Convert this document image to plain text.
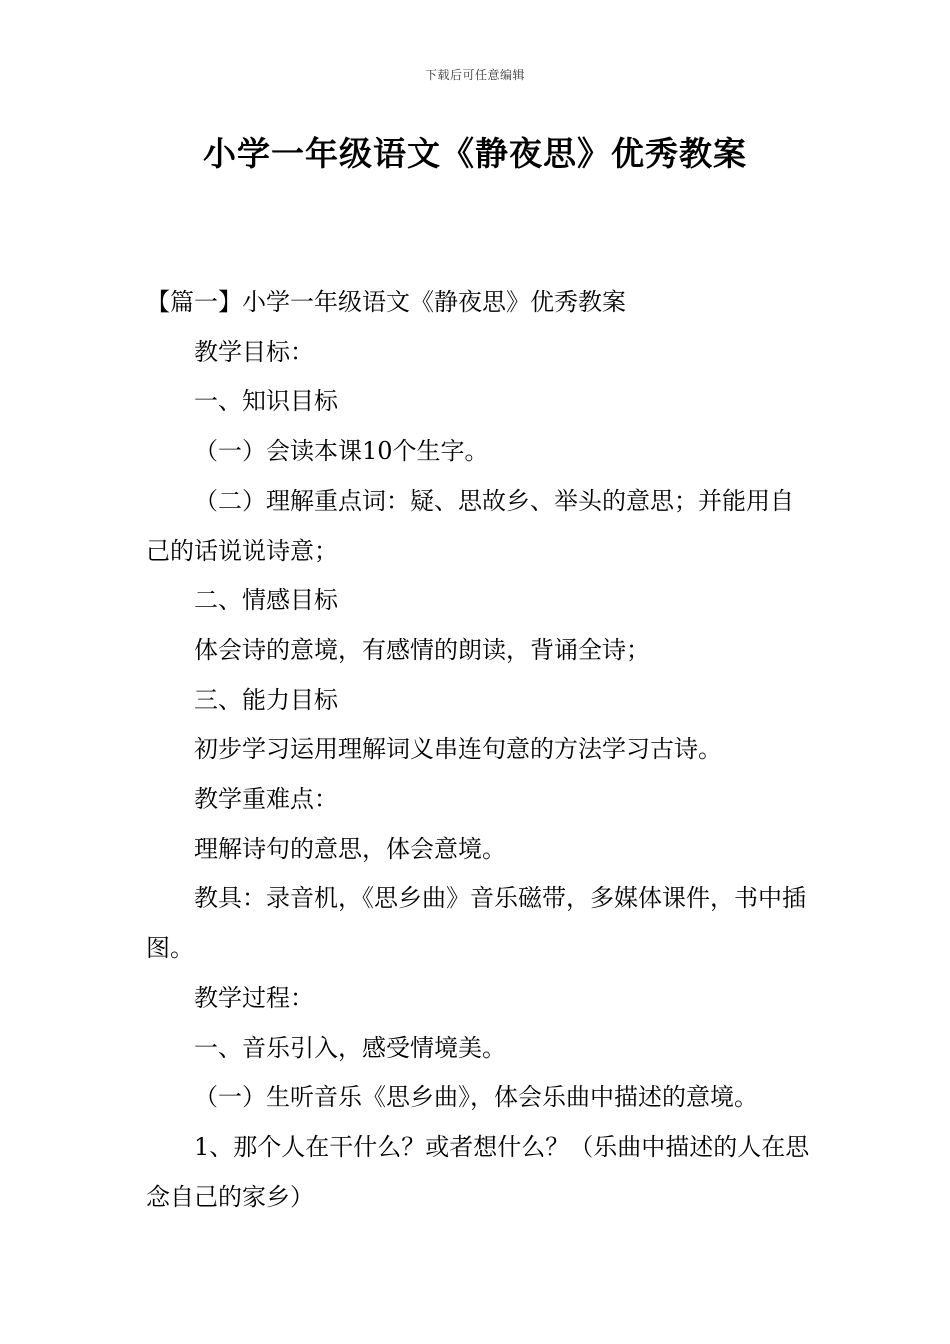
下载后可任意编辑
小学一年级语文《静夜思》优秀教案

【篇一】小学一年级语文《静夜思》优秀教案

教学目标：

一、知识目标

（一）会读本课10个生字。

（二）理解重点词：疑、思故乡、举头的意思；并能用自己的话说说诗意；

二、情感目标

体会诗的意境，有感情的朗读，背诵全诗；

三、能力目标

初步学习运用理解词义串连句意的方法学习古诗。

教学重难点：

理解诗句的意思，体会意境。

教具：录音机，《思乡曲》音乐磁带，多媒体课件，书中插图。

教学过程：

一、音乐引入，感受情境美。

（一）生听音乐《思乡曲》，体会乐曲中描述的意境。

1、那个人在干什么？或者想什么？（乐曲中描述的人在思念自己的家乡）
